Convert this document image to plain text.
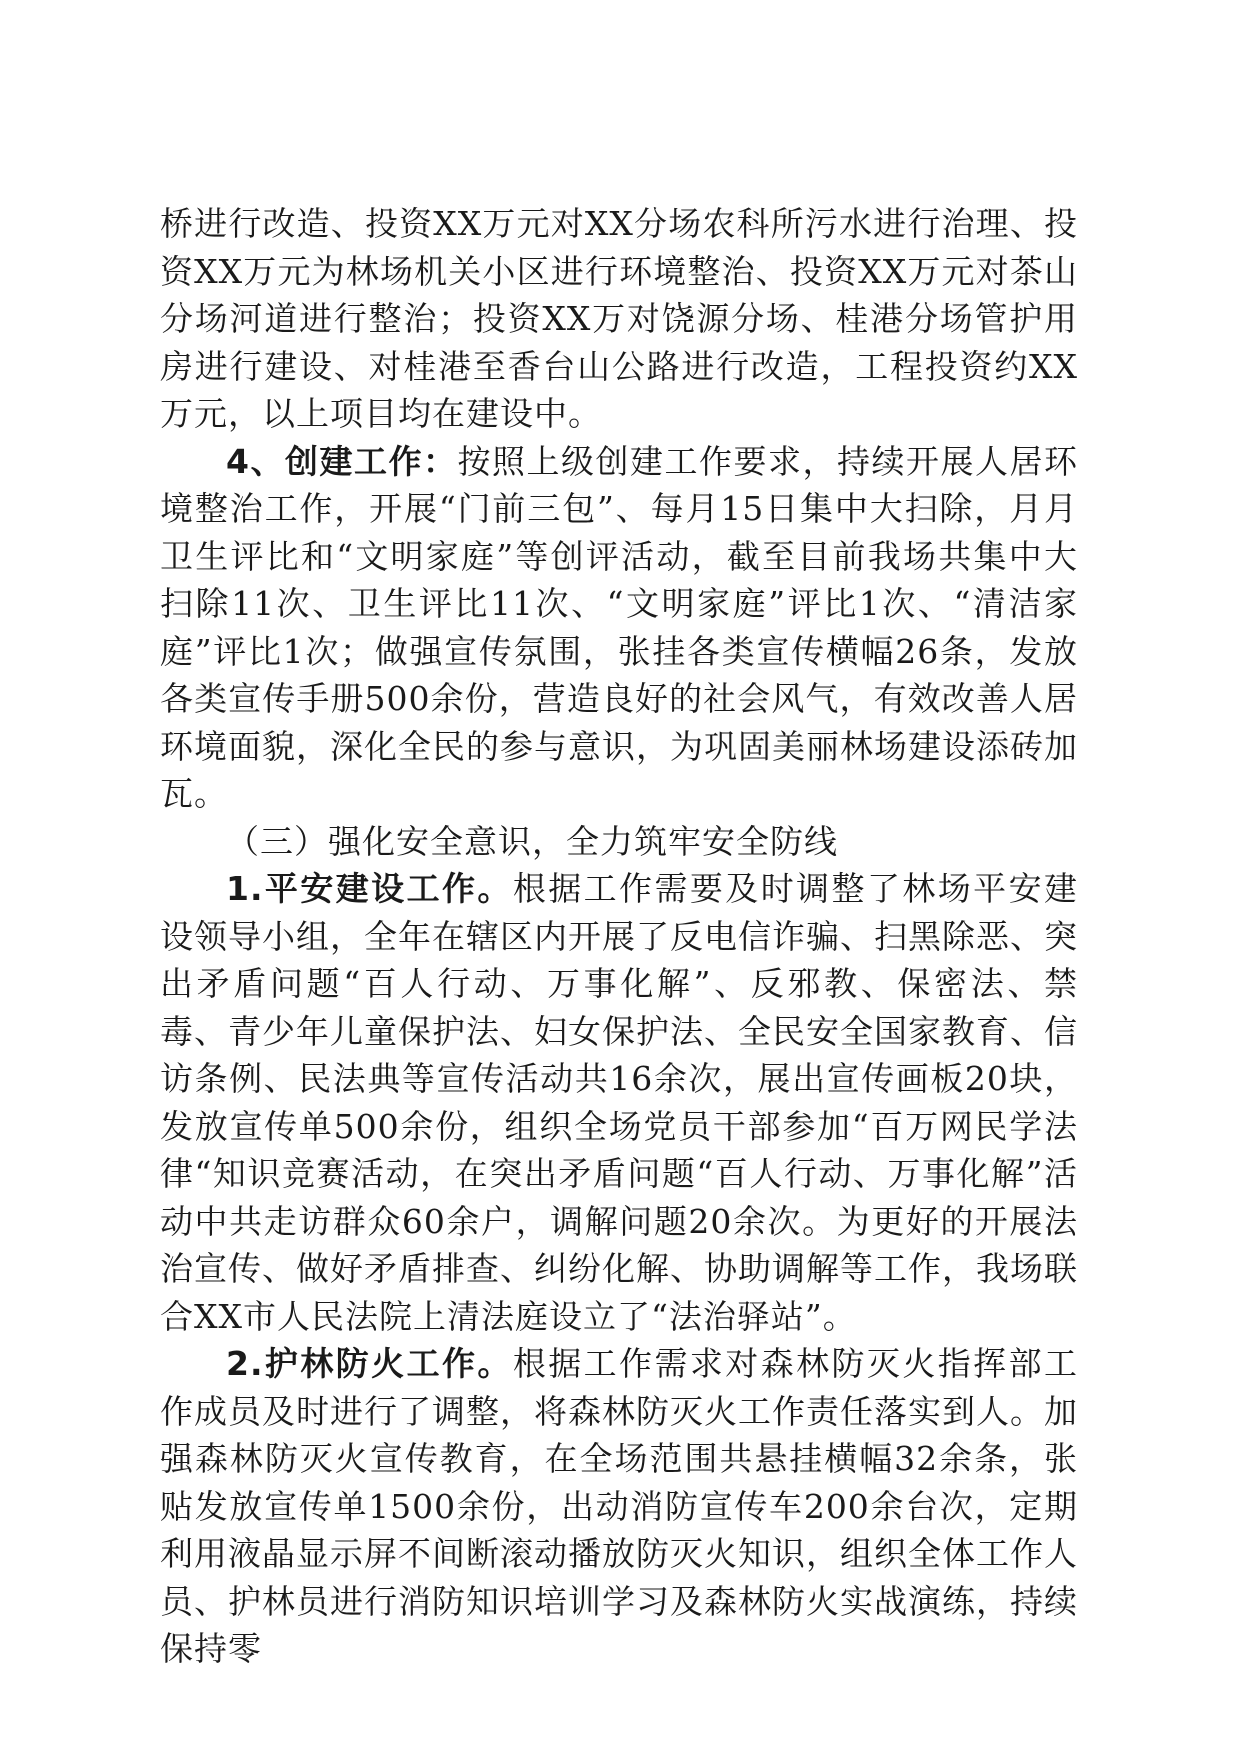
桥进行改造、投资XX万元对XX分场农科所污水进行治理、投资XX万元为林场机关小区进行环境整治、投资XX万元对茶山分场河道进行整治；投资XX万对饶源分场、桂港分场管护用房进行建设、对桂港至香台山公路进行改造，工程投资约XX万元，以上项目均在建设中。

4、创建工作：按照上级创建工作要求，持续开展人居环境整治工作，开展“门前三包”、每月15日集中大扫除，月月卫生评比和“文明家庭”等创评活动，截至目前我场共集中大扫除11次、卫生评比11次、“文明家庭”评比1次、“清洁家庭”评比1次；做强宣传氛围，张挂各类宣传横幅26条，发放各类宣传手册500余份，营造良好的社会风气，有效改善人居环境面貌，深化全民的参与意识，为巩固美丽林场建设添砖加瓦。

（三）强化安全意识，全力筑牢安全防线

1.平安建设工作。根据工作需要及时调整了林场平安建设领导小组，全年在辖区内开展了反电信诈骗、扫黑除恶、突出矛盾问题“百人行动、万事化解”、反邪教、保密法、禁毒、青少年儿童保护法、妇女保护法、全民安全国家教育、信访条例、民法典等宣传活动共16余次，展出宣传画板20块，发放宣传单500余份，组织全场党员干部参加“百万网民学法律“知识竞赛活动，在突出矛盾问题“百人行动、万事化解”活动中共走访群众60余户，调解问题20余次。为更好的开展法治宣传、做好矛盾排查、纠纷化解、协助调解等工作，我场联合XX市人民法院上清法庭设立了“法治驿站”。

2.护林防火工作。根据工作需求对森林防灭火指挥部工作成员及时进行了调整，将森林防灭火工作责任落实到人。加强森林防灭火宣传教育，在全场范围共悬挂横幅32余条，张贴发放宣传单1500余份，出动消防宣传车200余台次，定期利用液晶显示屏不间断滚动播放防灭火知识，组织全体工作人员、护林员进行消防知识培训学习及森林防火实战演练，持续保持零
